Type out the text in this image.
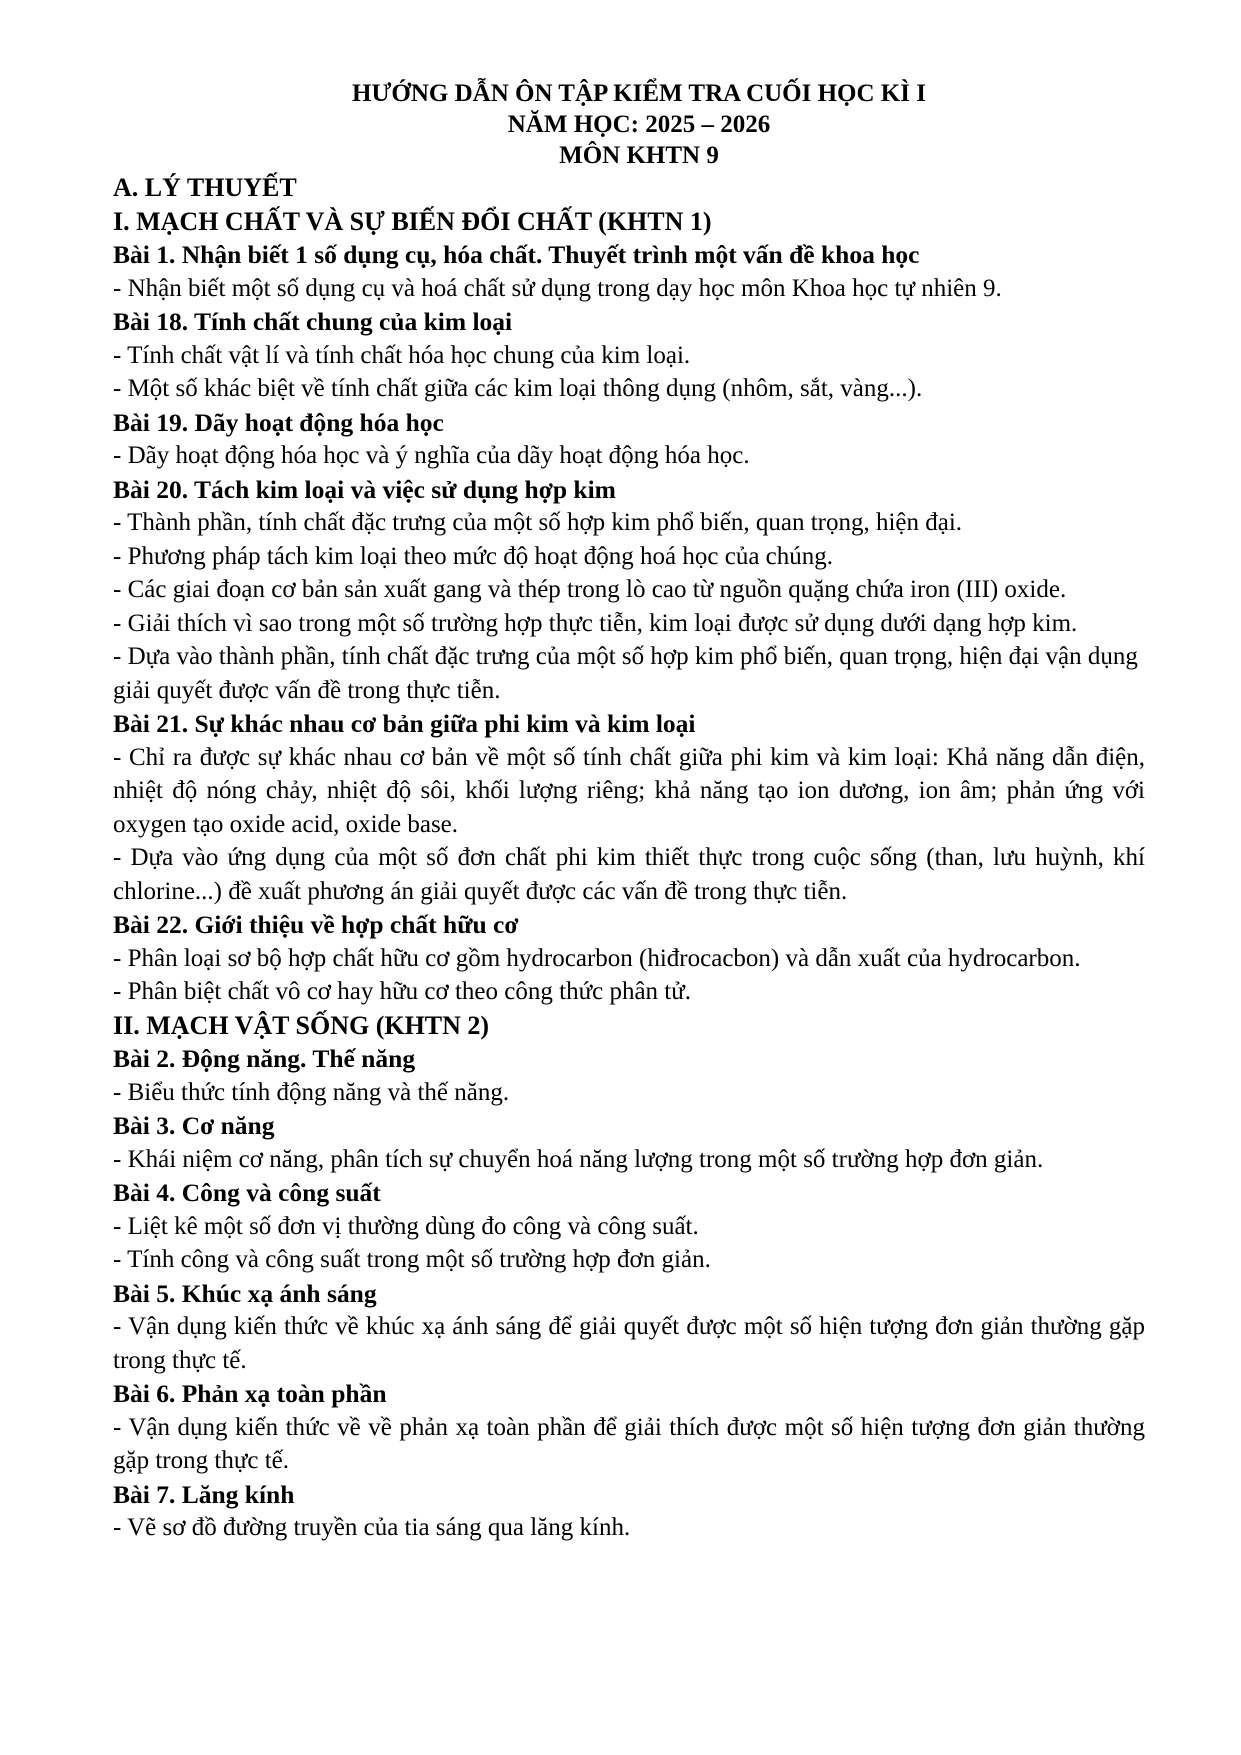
HƯỚNG DẪN ÔN TẬP KIỂM TRA CUỐI HỌC KÌ I
NĂM HỌC: 2025 – 2026
MÔN KHTN 9
A. LÝ THUYẾT
I. MẠCH CHẤT VÀ SỰ BIẾN ĐỔI CHẤT (KHTN 1)
Bài 1. Nhận biết 1 số dụng cụ, hóa chất. Thuyết trình một vấn đề khoa học
- Nhận biết một số dụng cụ và hoá chất sử dụng trong dạy học môn Khoa học tự nhiên 9.
Bài 18. Tính chất chung của kim loại
- Tính chất vật lí và tính chất hóa học chung của kim loại.
- Một số khác biệt về tính chất giữa các kim loại thông dụng (nhôm, sắt, vàng...).
Bài 19. Dãy hoạt động hóa học
- Dãy hoạt động hóa học và ý nghĩa của dãy hoạt động hóa học.
Bài 20. Tách kim loại và việc sử dụng hợp kim
- Thành phần, tính chất đặc trưng của một số hợp kim phổ biến, quan trọng, hiện đại.
- Phương pháp tách kim loại theo mức độ hoạt động hoá học của chúng.
- Các giai đoạn cơ bản sản xuất gang và thép trong lò cao từ nguồn quặng chứa iron (III) oxide.
- Giải thích vì sao trong một số trường hợp thực tiễn, kim loại được sử dụng dưới dạng hợp kim.
- Dựa vào thành phần, tính chất đặc trưng của một số hợp kim phổ biến, quan trọng, hiện đại vận dụng giải quyết được vấn đề trong thực tiễn.
Bài 21. Sự khác nhau cơ bản giữa phi kim và kim loại
- Chỉ ra được sự khác nhau cơ bản về một số tính chất giữa phi kim và kim loại: Khả năng dẫn điện, nhiệt độ nóng chảy, nhiệt độ sôi, khối lượng riêng; khả năng tạo ion dương, ion âm; phản ứng với oxygen tạo oxide acid, oxide base.
- Dựa vào ứng dụng của một số đơn chất phi kim thiết thực trong cuộc sống (than, lưu huỳnh, khí chlorine...) đề xuất phương án giải quyết được các vấn đề trong thực tiễn.
Bài 22. Giới thiệu về hợp chất hữu cơ
- Phân loại sơ bộ hợp chất hữu cơ gồm hydrocarbon (hiđrocacbon) và dẫn xuất của hydrocarbon.
- Phân biệt chất vô cơ hay hữu cơ theo công thức phân tử.
II. MẠCH VẬT SỐNG (KHTN 2)
Bài 2. Động năng. Thế năng
- Biểu thức tính động năng và thế năng.
Bài 3. Cơ năng
- Khái niệm cơ năng, phân tích sự chuyển hoá năng lượng trong một số trường hợp đơn giản.
Bài 4. Công và công suất
- Liệt kê một số đơn vị thường dùng đo công và công suất.
- Tính công và công suất trong một số trường hợp đơn giản.
Bài 5. Khúc xạ ánh sáng
- Vận dụng kiến thức về khúc xạ ánh sáng để giải quyết được một số hiện tượng đơn giản thường gặp trong thực tế.
Bài 6. Phản xạ toàn phần
- Vận dụng kiến thức về về phản xạ toàn phần để giải thích được một số hiện tượng đơn giản thường gặp trong thực tế.
Bài 7. Lăng kính
- Vẽ sơ đồ đường truyền của tia sáng qua lăng kính.
